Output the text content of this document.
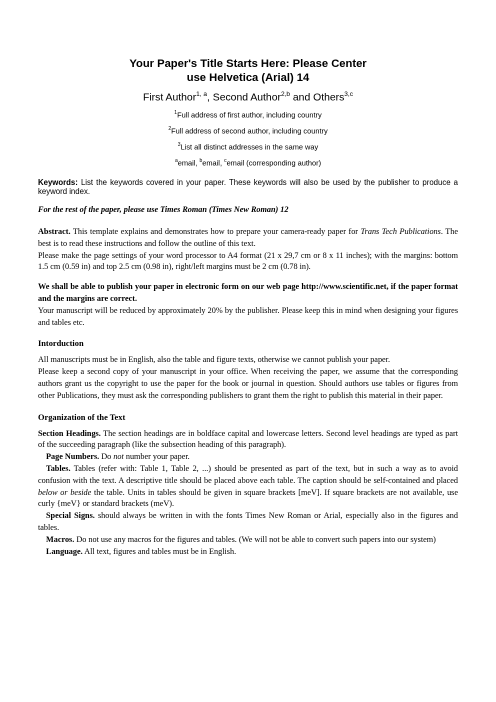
Your Paper's Title Starts Here: Please Center
use Helvetica (Arial) 14

First Author$^{1, a}$, Second Author$^{2,b}$ and Others$^{3,c}$

$^1$Full address of first author, including country

$^2$Full address of second author, including country

$^3$List all distinct addresses in the same way

$^a$email, $^b$email, $^c$email (corresponding author)

Keywords: List the keywords covered in your paper. These keywords will also be used by the publisher to produce a keyword index.

For the rest of the paper, please use Times Roman (Times New Roman) 12

Abstract. This template explains and demonstrates how to prepare your camera-ready paper for Trans Tech Publications. The best is to read these instructions and follow the outline of this text.

Please make the page settings of your word processor to A4 format (21 x 29,7 cm or 8 x 11 inches); with the margins: bottom 1.5 cm (0.59 in) and top 2.5 cm (0.98 in), right/left margins must be 2 cm (0.78 in).

We shall be able to publish your paper in electronic form on our web page http://www.scientific.net, if the paper format and the margins are correct.

Your manuscript will be reduced by approximately 20% by the publisher. Please keep this in mind when designing your figures and tables etc.

Intorduction

All manuscripts must be in English, also the table and figure texts, otherwise we cannot publish your paper.

Please keep a second copy of your manuscript in your office. When receiving the paper, we assume that the corresponding authors grant us the copyright to use the paper for the book or journal in question. Should authors use tables or figures from other Publications, they must ask the corresponding publishers to grant them the right to publish this material in their paper.

Organization of the Text

Section Headings. The section headings are in boldface capital and lowercase letters. Second level headings are typed as part of the succeeding paragraph (like the subsection heading of this paragraph).

Page Numbers. Do not number your paper.

Tables. Tables (refer with: Table 1, Table 2, ...) should be presented as part of the text, but in such a way as to avoid confusion with the text. A descriptive title should be placed above each table. The caption should be self-contained and placed below or beside the table. Units in tables should be given in square brackets [meV]. If square brackets are not available, use curly {meV} or standard brackets (meV).

Special Signs. should always be written in with the fonts Times New Roman or Arial, especially also in the figures and tables.

Macros. Do not use any macros for the figures and tables. (We will not be able to convert such papers into our system)

Language. All text, figures and tables must be in English.
